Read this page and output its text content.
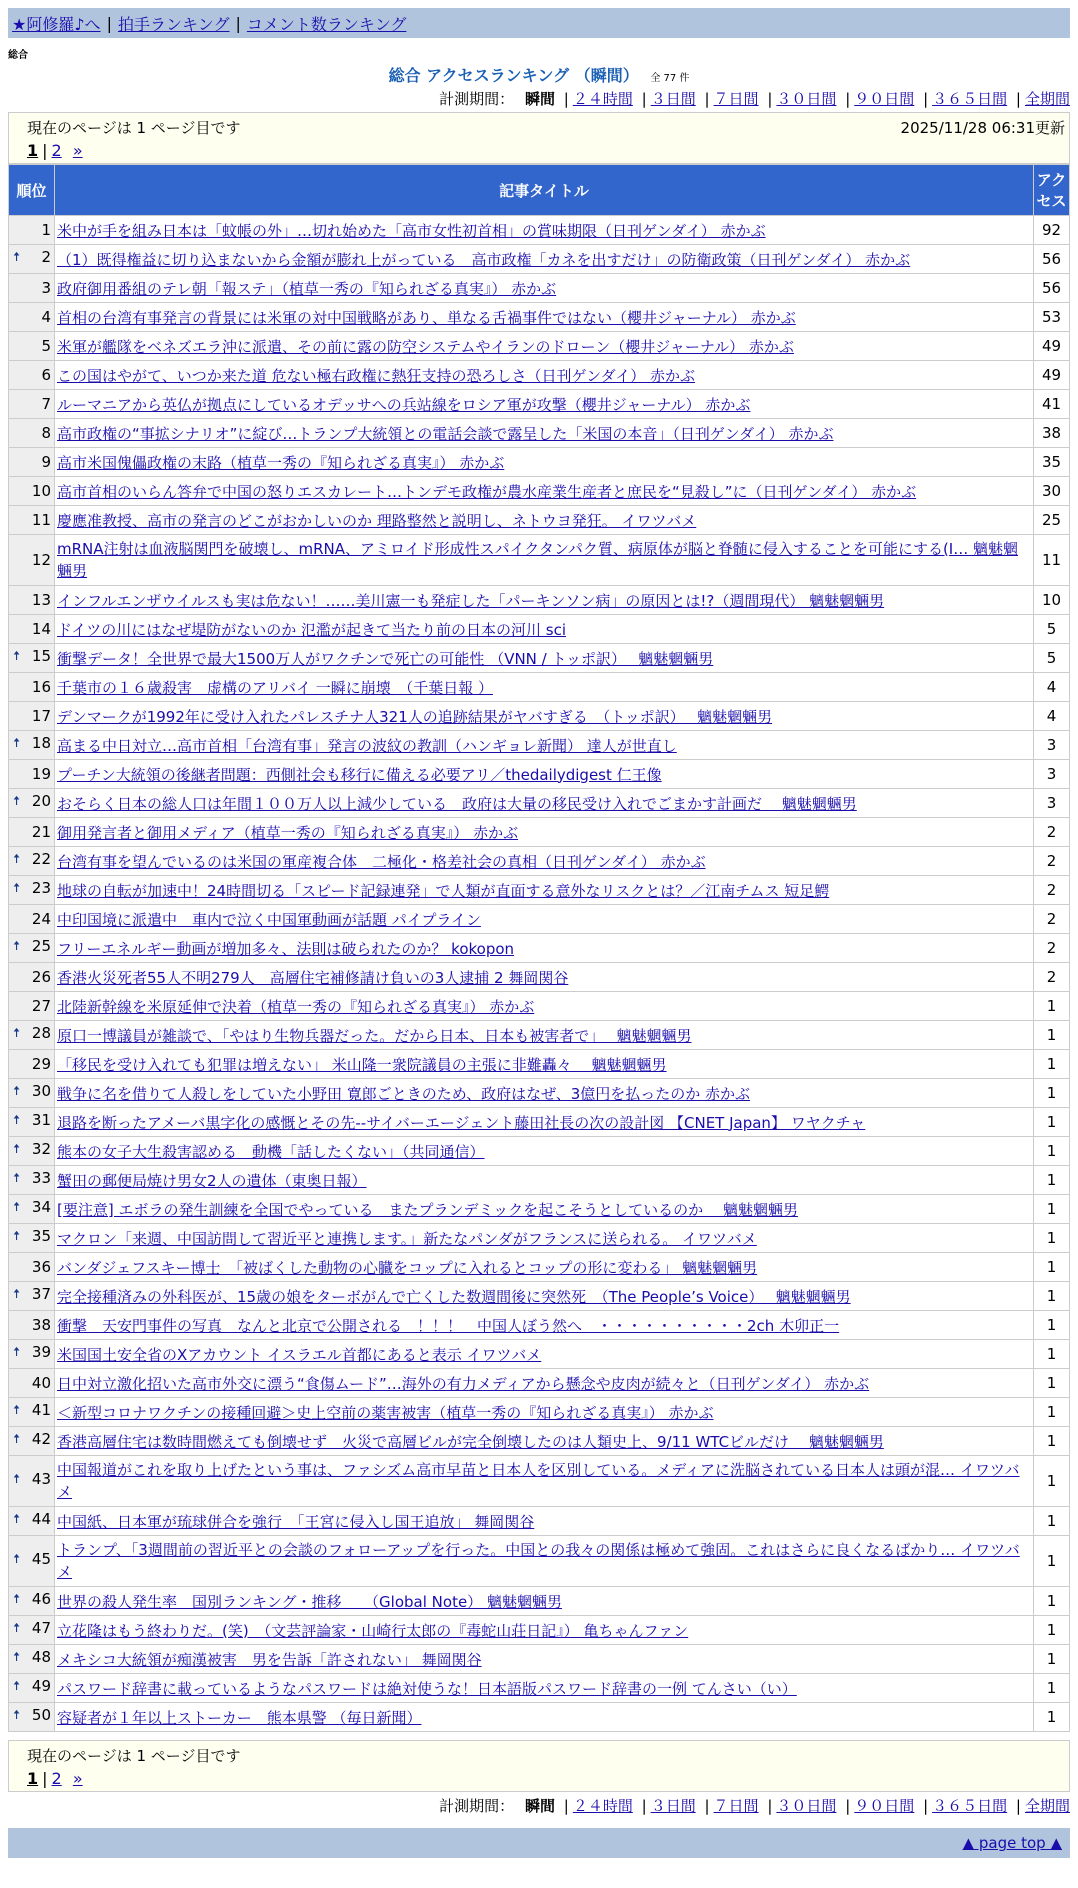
★阿修羅♪へ | 拍手ランキング | コメント数ランキング
総合
総合 アクセスランキング （瞬間） 全 77 件
計測期間： 瞬間 | ２４時間 | ３日間 | ７日間 | ３０日間 | ９０日間 | ３６５日間 | 全期間
現在のページは 1 ページ目です	2025/11/28 06:31更新
1 | 2 »
順位	記事タイトル	アクセス
1	米中が手を組み日本は「蚊帳の外」…切れ始めた「高市女性初首相」の賞味期限（日刊ゲンダイ） 赤かぶ	92

🠅 2	（1）既得権益に切り込まないから金額が膨れ上がっている　高市政権「カネを出すだけ」の防衛政策（日刊ゲンダイ） 赤かぶ	56
3	政府御用番組のテレ朝「報ステ」（植草一秀の『知られざる真実』） 赤かぶ	56
4	首相の台湾有事発言の背景には米軍の対中国戦略があり、単なる舌禍事件ではない（櫻井ジャーナル） 赤かぶ	53
5	米軍が艦隊をベネズエラ沖に派遣、その前に露の防空システムやイランのドローン（櫻井ジャーナル） 赤かぶ	49
6	この国はやがて、いつか来た道 危ない極右政権に熱狂支持の恐ろしさ（日刊ゲンダイ） 赤かぶ	49
7	ルーマニアから英仏が拠点にしているオデッサへの兵站線をロシア軍が攻撃（櫻井ジャーナル） 赤かぶ	41
8	高市政権の“事拡シナリオ”に綻び…トランプ大統領との電話会談で露呈した「米国の本音」（日刊ゲンダイ） 赤かぶ	38
9	高市米国傀儡政権の末路（植草一秀の『知られざる真実』） 赤かぶ	35
10	高市首相のいらん答弁で中国の怒りエスカレート…トンデモ政権が農水産業生産者と庶民を“見殺し”に（日刊ゲンダイ） 赤かぶ	30
11	慶應准教授、高市の発言のどこがおかしいのか 理路整然と説明し、ネトウヨ発狂。 イワツバメ	25
12	mRNA注射は血液脳関門を破壊し、mRNA、アミロイド形成性スパイクタンパク質、病原体が脳と脊髄に侵入することを可能にする(I… 魑魅魍魎男	11
13	インフルエンザウイルスも実は危ない！……美川憲一も発症した「パーキンソン病」の原因とは!?（週間現代） 魑魅魍魎男	10
14	ドイツの川にはなぜ堤防がないのか 氾濫が起きて当たり前の日本の河川 sci	5

🠅 15	衝撃データ！全世界で最大1500万人がワクチンで死亡の可能性 （VNN / トッポ訳）　 魑魅魍魎男	5
16	千葉市の１６歳殺害　虚構のアリバイ 一瞬に崩壊　（千葉日報 ）	4
17	デンマークが1992年に受け入れたパレスチナ人321人の追跡結果がヤバすぎる　（トッポ訳）　 魑魅魍魎男	4

🠅 18	高まる中日対立…高市首相「台湾有事」発言の波紋の教訓（ハンギョレ新聞） 達人が世直し	3
19	プーチン大統領の後継者問題：西側社会も移行に備える必要アリ／thedailydigest 仁王像	3

🠅 20	おそらく日本の総人口は年間１００万人以上減少している　政府は大量の移民受け入れでごまかす計画だ　 魑魅魍魎男	3
21	御用発言者と御用メディア（植草一秀の『知られざる真実』） 赤かぶ	2

🠅 22	台湾有事を望んでいるのは米国の軍産複合体　二極化・格差社会の真相（日刊ゲンダイ） 赤かぶ	2

🠅 23	地球の自転が加速中！24時間切る「スピード記録連発」で人類が直面する意外なリスクとは？／江南チムス 短足鰐	2
24	中印国境に派遣中　車内で泣く中国軍動画が話題 パイプライン	2

🠅 25	フリーエネルギー動画が増加多々、法則は破られたのか？ kokopon	2
26	香港火災死者55人不明279人　高層住宅補修請け負いの3人逮捕 2 舞岡関谷	2
27	北陸新幹線を米原延伸で決着（植草一秀の『知られざる真実』） 赤かぶ	1

🠅 28	原口一博議員が雑談で、「やはり生物兵器だった。だから日本、日本も被害者で」　 魑魅魍魎男	1
29	「移民を受け入れても犯罪は増えない」 米山隆一衆院議員の主張に非難轟々　 魑魅魍魎男	1

🠅 30	戦争に名を借りて人殺しをしていた小野田 寛郎ごときのため、政府はなぜ、3億円を払ったのか 赤かぶ	1

🠅 31	退路を断ったアメーバ黒字化の感慨とその先--サイバーエージェント藤田社長の次の設計図 【CNET Japan】 ワヤクチャ	1

🠅 32	熊本の女子大生殺害認める　動機「話したくない」（共同通信）	1

🠅 33	蟹田の郵便局焼け男女2人の遺体（東奥日報）	1

🠅 34	[要注意] エボラの発生訓練を全国でやっている　またプランデミックを起こそうとしているのか　 魑魅魍魎男	1

🠅 35	マクロン「来週、中国訪問して習近平と連携します。」新たなパンダがフランスに送られる。 イワツバメ	1
36	バンダジェフスキー博士　「被ばくした動物の心臓をコップに入れるとコップの形に変わる」 魑魅魍魎男	1

🠅 37	完全接種済みの外科医が、15歳の娘をターボがんで亡くした数週間後に突然死　（The People’s Voice）　 魑魅魍魎男	1
38	衝撃　天安門事件の写真　なんと北京で公開される　！！！　中国人ぼう然へ　・・・・・・・・・・2ch 木卯正一	1

🠅 39	米国国土安全省のXアカウント イスラエル首都にあると表示 イワツバメ	1
40	日中対立激化招いた高市外交に漂う“食傷ムード”…海外の有力メディアから懸念や皮肉が続々と（日刊ゲンダイ） 赤かぶ	1

🠅 41	＜新型コロナワクチンの接種回避＞史上空前の薬害被害（植草一秀の『知られざる真実』） 赤かぶ	1

🠅 42	香港高層住宅は数時間燃えても倒壊せず　火災で高層ビルが完全倒壊したのは人類史上、9/11 WTCビルだけ　 魑魅魍魎男	1

🠅 43	中国報道がこれを取り上げたという事は、ファシズム高市早苗と日本人を区別している。メディアに洗脳されている日本人は頭が混… イワツバメ	1

🠅 44	中国紙、日本軍が琉球併合を強行　「王宮に侵入し国王追放」 舞岡関谷	1

🠅 45	トランプ、「3週間前の習近平との会談のフォローアップを行った。中国との我々の関係は極めて強固。これはさらに良くなるばかり… イワツバメ	1

🠅 46	世界の殺人発生率　国別ランキング・推移　　（Global Note） 魑魅魍魎男	1

🠅 47	立花隆はもう終わりだ。(笑)　（文芸評論家・山崎行太郎の『毒蛇山荘日記』） 亀ちゃんファン	1

🠅 48	メキシコ大統領が痴漢被害　男を告訴「許されない」 舞岡関谷	1

🠅 49	パスワード辞書に載っているようなパスワードは絶対使うな！日本語版パスワード辞書の一例 てんさい（い）	1

🠅 50	容疑者が１年以上ストーカー　熊本県警 （毎日新聞）	1
現在のページは 1 ページ目です
1 | 2 »
計測期間： 瞬間 | ２４時間 | ３日間 | ７日間 | ３０日間 | ９０日間 | ３６５日間 | 全期間
▲ page top ▲
